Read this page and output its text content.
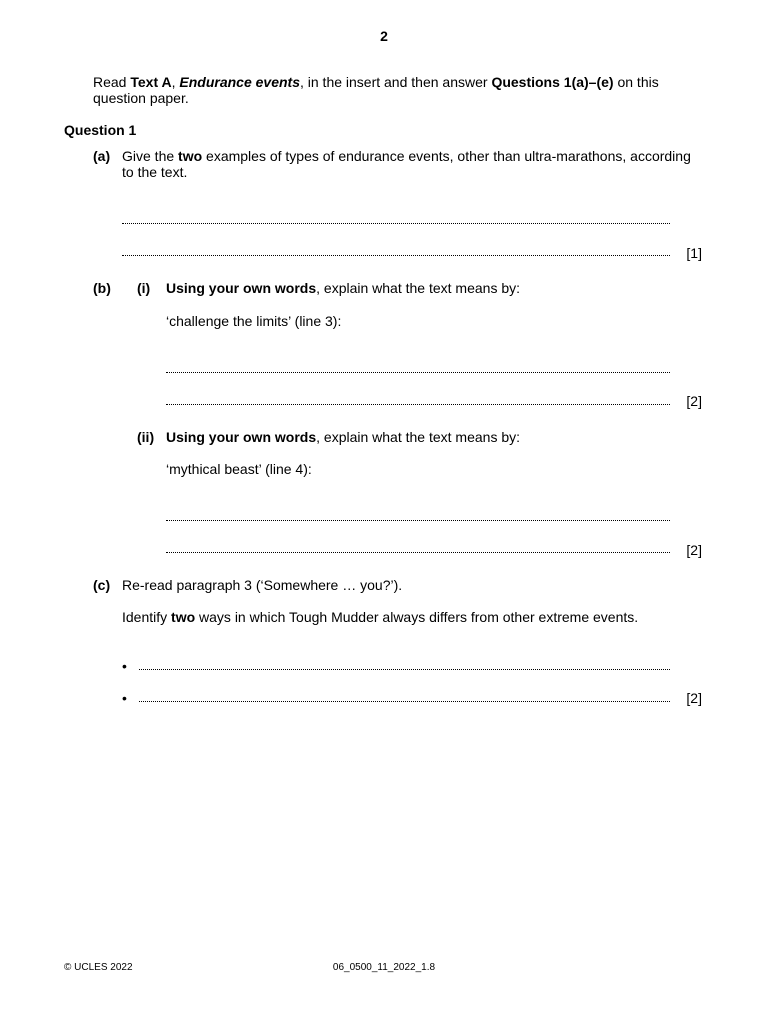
2
Read Text A, Endurance events, in the insert and then answer Questions 1(a)–(e) on this question paper.
Question 1
(a) Give the two examples of types of endurance events, other than ultra-marathons, according to the text.
[1]
(b) (i) Using your own words, explain what the text means by:
‘challenge the limits’ (line 3):
[2]
(ii) Using your own words, explain what the text means by:
‘mythical beast’ (line 4):
[2]
(c) Re-read paragraph 3 (‘Somewhere … you?’).
Identify two ways in which Tough Mudder always differs from other extreme events.
•
•	[2]
© UCLES 2022	06_0500_11_2022_1.8
